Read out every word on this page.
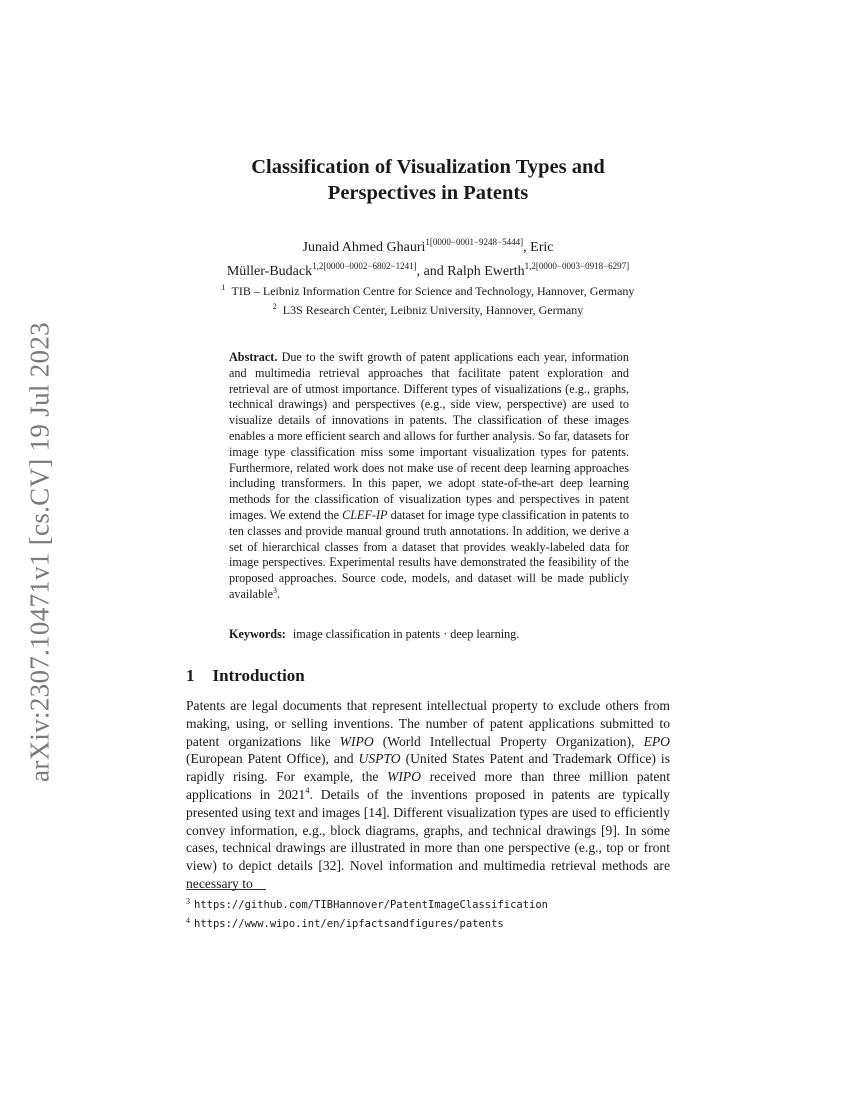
arXiv:2307.10471v1 [cs.CV] 19 Jul 2023
Classification of Visualization Types and
Perspectives in Patents
Junaid Ahmed Ghauri$^{1[0000-0001-9248-5444]}$, Eric
Müller-Budack$^{1,2[0000-0002-6802-1241]}$, and Ralph Ewerth$^{1,2[0000-0003-0918-6297]}$
$^1$ TIB – Leibniz Information Centre for Science and Technology, Hannover, Germany
$^2$ L3S Research Center, Leibniz University, Hannover, Germany
Abstract. Due to the swift growth of patent applications each year, information and multimedia retrieval approaches that facilitate patent exploration and retrieval are of utmost importance. Different types of visualizations (e.g., graphs, technical drawings) and perspectives (e.g., side view, perspective) are used to visualize details of innovations in patents. The classification of these images enables a more efficient search and allows for further analysis. So far, datasets for image type classification miss some important visualization types for patents. Furthermore, related work does not make use of recent deep learning approaches including transformers. In this paper, we adopt state-of-the-art deep learning methods for the classification of visualization types and perspectives in patent images. We extend the CLEF-IP dataset for image type classification in patents to ten classes and provide manual ground truth annotations. In addition, we derive a set of hierarchical classes from a dataset that provides weakly-labeled data for image perspectives. Experimental results have demonstrated the feasibility of the proposed approaches. Source code, models, and dataset will be made publicly available$^3$.
Keywords: image classification in patents · deep learning.
1 Introduction
Patents are legal documents that represent intellectual property to exclude others from making, using, or selling inventions. The number of patent applications submitted to patent organizations like WIPO (World Intellectual Property Organization), EPO (European Patent Office), and USPTO (United States Patent and Trademark Office) is rapidly rising. For example, the WIPO received more than three million patent applications in 2021$^4$. Details of the inventions proposed in patents are typically presented using text and images [14]. Different visualization types are used to efficiently convey information, e.g., block diagrams, graphs, and technical drawings [9]. In some cases, technical drawings are illustrated in more than one perspective (e.g., top or front view) to depict details [32]. Novel information and multimedia retrieval methods are necessary to
$^3$ https://github.com/TIBHannover/PatentImageClassification
$^4$ https://www.wipo.int/en/ipfactsandfigures/patents
